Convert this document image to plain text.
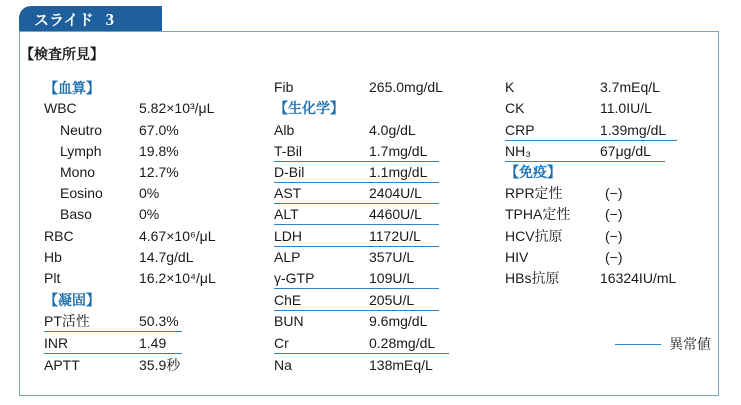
スライド 3
【検査所見】
【血算】
WBC	5.82×10³/μL
Neutro	67.0%
Lymph	19.8%
Mono	12.7%
Eosino	0%
Baso	0%
RBC	4.67×10⁶/μL
Hb	14.7g/dL
Plt	16.2×10⁴/μL
【凝固】
PT活性	50.3%
INR	1.49
APTT	35.9秒
Fib	265.0mg/dL
【生化学】
Alb	4.0g/dL
T-Bil	1.7mg/dL
D-Bil	1.1mg/dL
AST	2404U/L
ALT	4460U/L
LDH	1172U/L
ALP	357U/L
γ-GTP	109U/L
ChE	205U/L
BUN	9.6mg/dL
Cr	0.28mg/dL
Na	138mEq/L
K	3.7mEq/L
CK	11.0IU/L
CRP	1.39mg/dL
NH₃	67μg/dL
【免疫】
RPR定性	(−)
TPHA定性 (−)
HCV抗原	(−)
HIV	(−)
HBs抗原	16324IU/mL
異常値
